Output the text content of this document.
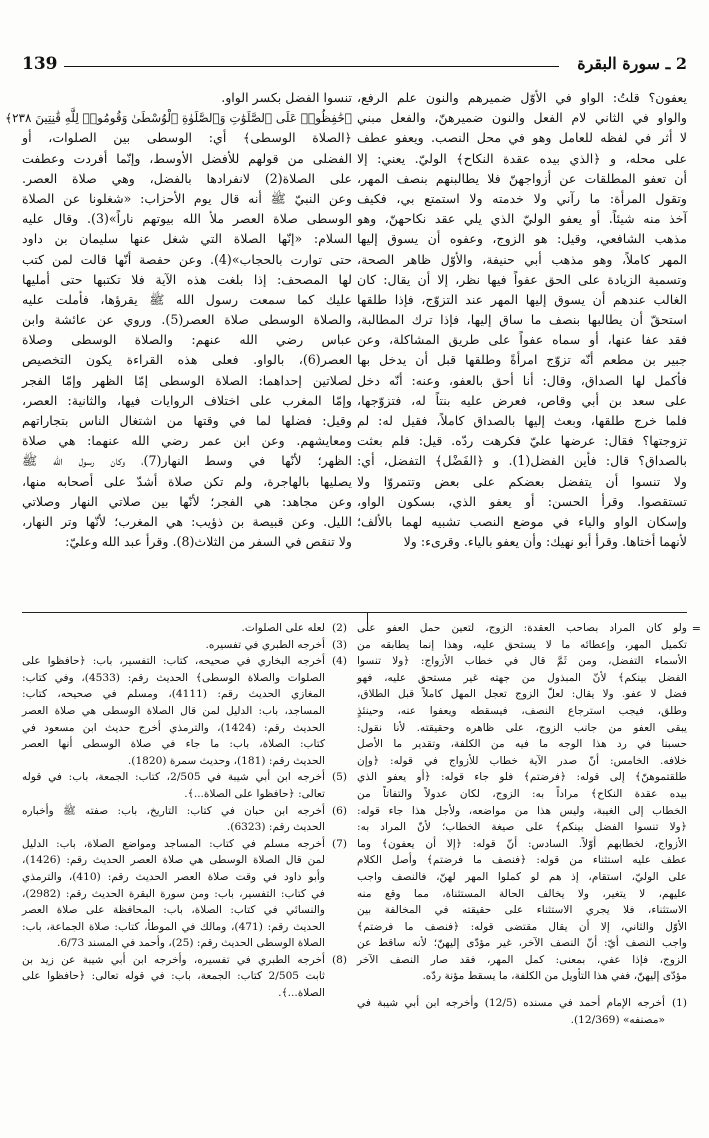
139	2 ـ سورة البقرة
يعفون؟ قلتُ: الواو في الأوّل ضميرهم والنون علم الرفع،
والواو في الثاني لام الفعل والنون ضميرهنّ، والفعل مبني
لا أثر في لفظه للعامل وهو في محل النصب. ويعفو عطف
على محله، و ﴿الذي بيده عقدة النكاح﴾ الوليّ. يعني: إلا
أن تعفو المطلقات عن أزواجهنّ فلا يطالبنهم بنصف المهر،
وتقول المرأة: ما رآني ولا خدمته ولا استمتع بي، فكيف
آخذ منه شيئاً. أو يعفو الوليّ الذي يلي عقد نكاحهنّ، وهو
مذهب الشافعي، وقيل: هو الزوج، وعفوه أن يسوق إليها
المهر كاملاً، وهو مذهب أبي حنيفة، والأوّل ظاهر الصحة،
وتسمية الزيادة على الحق عفواً فيها نظر، إلا أن يقال: كان
الغالب عندهم أن يسوق إليها المهر عند التزوّج، فإذا طلقها
استحقّ أن يطالبها بنصف ما ساق إليها، فإذا ترك المطالبة،
فقد عفا عنها، أو سماه عفواً على طريق المشاكلة، وعن
جبير بن مطعم أنّه تزوّج امرأةً وطلقها قبل أن يدخل بها
فأكمل لها الصداق، وقال: أنا أحق بالعفو، وعنه: أنّه دخل
على سعد بن أبي وقاص، فعرض عليه بنتاً له، فتزوّجها،
فلما خرج طلقها، وبعث إليها بالصداق كاملاً، فقيل له: لم
تزوجتها؟ فقال: عرضها عليّ فكرهت ردّه. قيل: فلم بعثت
بالصداق؟ قال: فأين الفضل(1). و ﴿الفَضْل﴾ التفضل، أي:
ولا تنسوا أن يتفضل بعضكم على بعض وتتمروّا ولا
تستقصوا. وقرأ الحسن: أو يعفو الذي، بسكون الواو،
وإسكان الواو والياء في موضع النصب تشبيه لهما بالألف؛
لأنهما أختاها. وقرأ أبو نهيك: وأن يعفو بالياء. وقرىء: ولا
تنسوا الفضل بكسر الواو.
﴿حَٰفِظُوا۟ عَلَى ٱلصَّلَوَٰتِ وَٱلصَّلَوٰةِ ٱلْوُسْطَىٰ وَقُومُوا۟ لِلَّهِ قَٰنِتِينَ ٢٣٨﴾
﴿الصلاة الوسطى﴾ أي: الوسطى بين الصلوات، أو
الفضلى من قولهم للأفضل الأوسط، وإنّما أفردت وعطفت
على الصلاة(2) لانفرادها بالفضل، وهي صلاة العصر.
وعن النبيّ ﷺ أنه قال يوم الأحزاب: «شغلونا عن الصلاة
الوسطى صلاة العصر ملأ الله بيوتهم ناراً»(3). وقال عليه
السلام: «إنّها الصلاة التي شغل عنها سليمان بن داود
حتى توارت بالحجاب»(4). وعن حفصة أنّها قالت لمن كتب
لها المصحف: إذا بلغت هذه الآية فلا تكتبها حتى أمليها
عليك كما سمعت رسول الله ﷺ يقرؤها، فأملت عليه
والصلاة الوسطى صلاة العصر(5). وروي عن عائشة وابن
عباس رضي الله عنهم: والصلاة الوسطى وصلاة
العصر(6)، بالواو. فعلى هذه القراءة يكون التخصيص
لصلاتين إحداهما: الصلاة الوسطى إمّا الظهر وإمّا الفجر
وإمّا المغرب على اختلاف الروايات فيها، والثانية: العصر،
وقيل: فضلها لما في وقتها من اشتغال الناس بتجاراتهم
ومعايشهم. وعن ابن عمر رضي الله عنهما: هي صلاة
الظهر؛ لأنّها في وسط النهار(7)، وكان رسول الله ﷺ
يصليها بالهاجرة، ولم تكن صلاة أشدّ على أصحابه منها،
وعن مجاهد: هي الفجر؛ لأنّها بين صلاتي النهار وصلاتي
الليل. وعن قبيصة بن ذؤيب: هي المغرب؛ لأنّها وتر النهار،
ولا تنقص في السفر من الثلاث(8). وقرأ عبد الله وعليّ:
=
ولو كان المراد بصاحب العقدة: الزوج، لتعين حمل العفو على
تكميل المهر، وإعطائه ما لا يستحق عليه، وهذا إنما يطابقه من
الأسماء التفضل، ومن ثَمَّ قال في خطاب الأزواج: ﴿ولا تنسوا
الفضل بينكم﴾ لأنّ المبذول من جهته غير مستحق عليه، فهو
فضل لا عفو. ولا يقال: لعلّ الزوج تعجل المهل كاملاً قبل الطلاق،
وطلق، فيجب استرجاع النصف، فيسقطه ويعفوا عنه، وحينئذٍ
يبقى العفو من جانب الزوج، على ظاهره وحقيقته. لأنا نقول:
حسبنا في رد هذا الوجه ما فيه من الكلفة، وتقدير ما الأصل
خلافه. الخامس: أنّ صدر الآية خطاب للأزواج في قوله: ﴿وإن
طلقتموهنّ﴾ إلى قوله: ﴿فرضتم﴾ فلو جاء قوله: ﴿أو يعفو الذي
بيده عقدة النكاح﴾ مراداً به: الزوج، لكان عدولاً والتفاتاً من
الخطاب إلى الغيبة، وليس هذا من مواضعه، ولأجل هذا جاء قوله:
﴿ولا تنسوا الفضل بينكم﴾ على صيغة الخطاب؛ لأنّ المراد به:
الأزواج، لخطابهم أوّلاً. السادس: أنّ قوله: ﴿إلا أن يعفون﴾ وما
عطف عليه استثناء من قوله: ﴿فنصف ما فرضتم﴾ وأصل الكلام
على الوليّ، استقام، إذ هم لو كملوا المهر لهنّ، فالنصف واجب
عليهم، لا يتغير، ولا يخالف الحالة المستثناة، مما وقع منه
الاستثناء، فلا يجري الاستثناء على حقيقته في المخالفة بين
الأوّل والثاني، إلا أن يقال مقتضى قوله: ﴿فنصف ما فرضتم﴾
واجب النصف أيّ: أنّ النصف الآخر، غير مؤدّى إليهنّ؛ لأنه ساقط عن
الزوج، فإذا عفي، بمعنى: كمل المهر، فقد صار النصف الآخر
مؤدّى إليهنّ، ففي هذا التأويل من الكلفة، ما يسقط مؤنة ردّه.
(1)
أخرجه الإمام أحمد في مسنده (12/5) وأخرجه ابن أبي شيبة في
«مصنفه» (12/369).
(2)
لعله على الصلوات.
(3)
أخرجه الطبري في تفسيره.
(4)
أخرجه البخاري في صحيحه، كتاب: التفسير، باب: ﴿حافظوا على
الصلوات والصلاة الوسطى﴾ الحديث رقم: (4533)، وفي كتاب:
المغازي الحديث رقم: (4111)، ومسلم في صحيحه، كتاب:
المساجد، باب: الدليل لمن قال الصلاة الوسطى هي صلاة العصر
الحديث رقم: (1424)، والترمذي أخرج حديث ابن مسعود في
كتاب: الصلاة، باب: ما جاء في صلاة الوسطى أنها العصر
الحديث رقم: (181)، وحديث سمرة (1820).
(5)
أخرجه ابن أبي شيبة في 2/505، كتاب: الجمعة، باب: في قوله
تعالى: ﴿حافظوا على الصلاة...﴾.
(6)
أخرجه ابن حبان في كتاب: التاريخ، باب: صفته ﷺ وأخباره
الحديث رقم: (6323).
(7)
أخرجه مسلم في كتاب: المساجد ومواضع الصلاة، باب: الدليل
لمن قال الصلاة الوسطى هي صلاة العصر الحديث رقم: (1426)،
وأبو داود في وقت صلاة العصر الحديث رقم: (410)، والترمذي
في كتاب: التفسير، باب: ومن سورة البقرة الحديث رقم: (2982)،
والنسائي في كتاب: الصلاة، باب: المحافظة على صلاة العصر
الحديث رقم: (471)، ومالك في الموطأ، كتاب: صلاة الجماعة، باب:
الصلاة الوسطى الحديث رقم: (25)، وأحمد في المسند 6/73.
(8)
أخرجه الطبري في تفسيره، وأخرجه ابن أبي شيبة عن زيد بن
ثابت 2/505 كتاب: الجمعة، باب: في قوله تعالى: ﴿حافظوا على
الصلاة...﴾.
